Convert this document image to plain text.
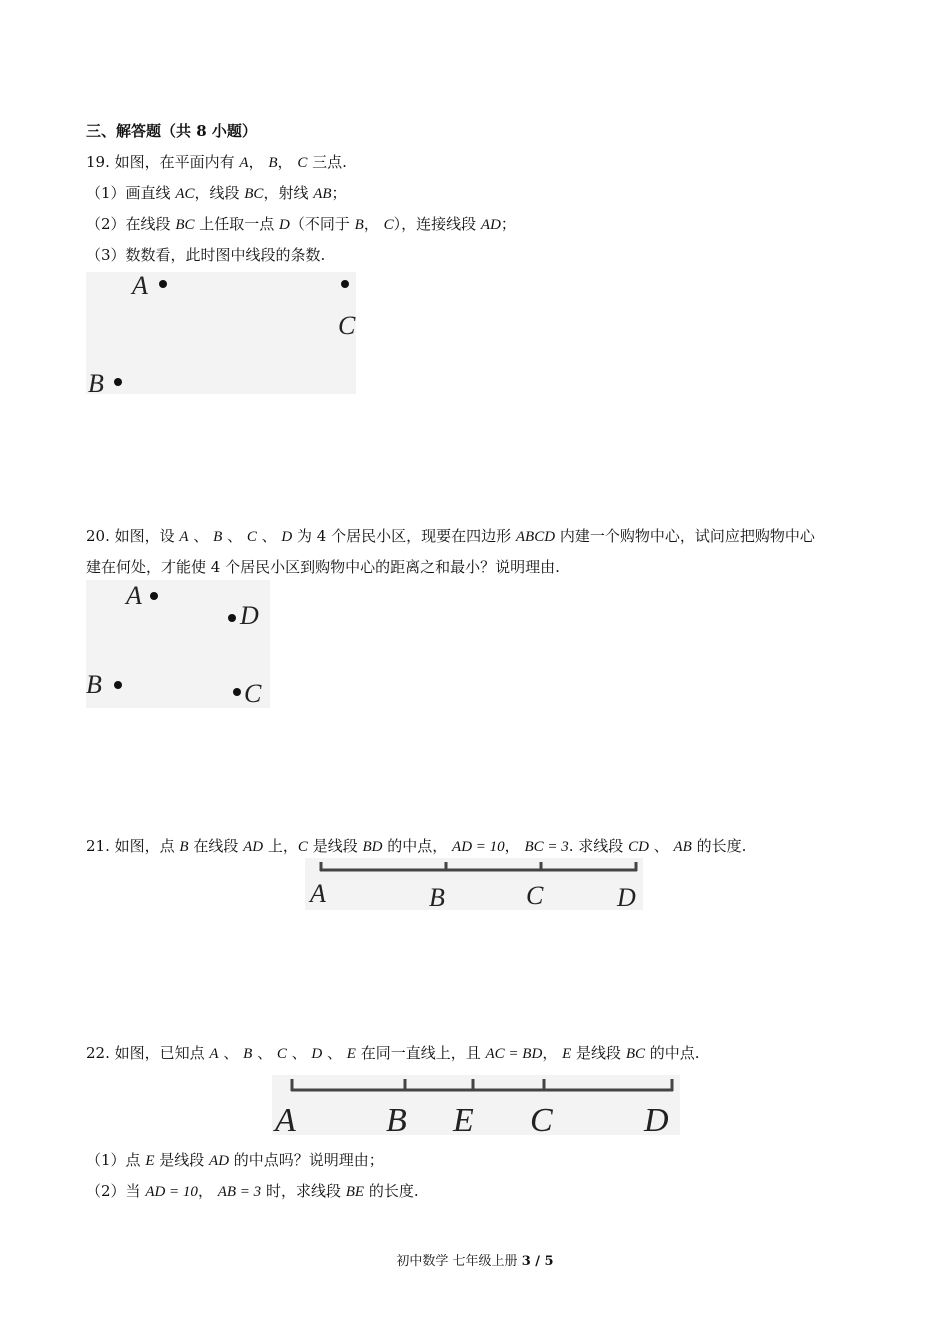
三、解答题（共 8 小题）
19. 如图，在平面内有 A， B， C 三点.
（1）画直线 AC，线段 BC，射线 AB；
（2）在线段 BC 上任取一点 D（不同于 B， C），连接线段 AD；
（3）数数看，此时图中线段的条数.
A
C
B
20. 如图，设 A 、 B 、 C 、 D 为 4 个居民小区，现要在四边形 ABCD 内建一个购物中心，试问应把购物中心
建在何处，才能使 4 个居民小区到购物中心的距离之和最小？说明理由.
A
D
B	C
21. 如图，点 B 在线段 AD 上，C 是线段 BD 的中点， AD = 10， BC = 3. 求线段 CD 、 AB 的长度.
A	B	C	D
22. 如图，已知点 A 、 B 、 C 、 D 、 E 在同一直线上，且 AC = BD， E 是线段 BC 的中点.
A	B E C	D
（1）点 E 是线段 AD 的中点吗？说明理由；
（2）当 AD = 10， AB = 3 时，求线段 BE 的长度.
初中数学 七年级上册 3 / 5
